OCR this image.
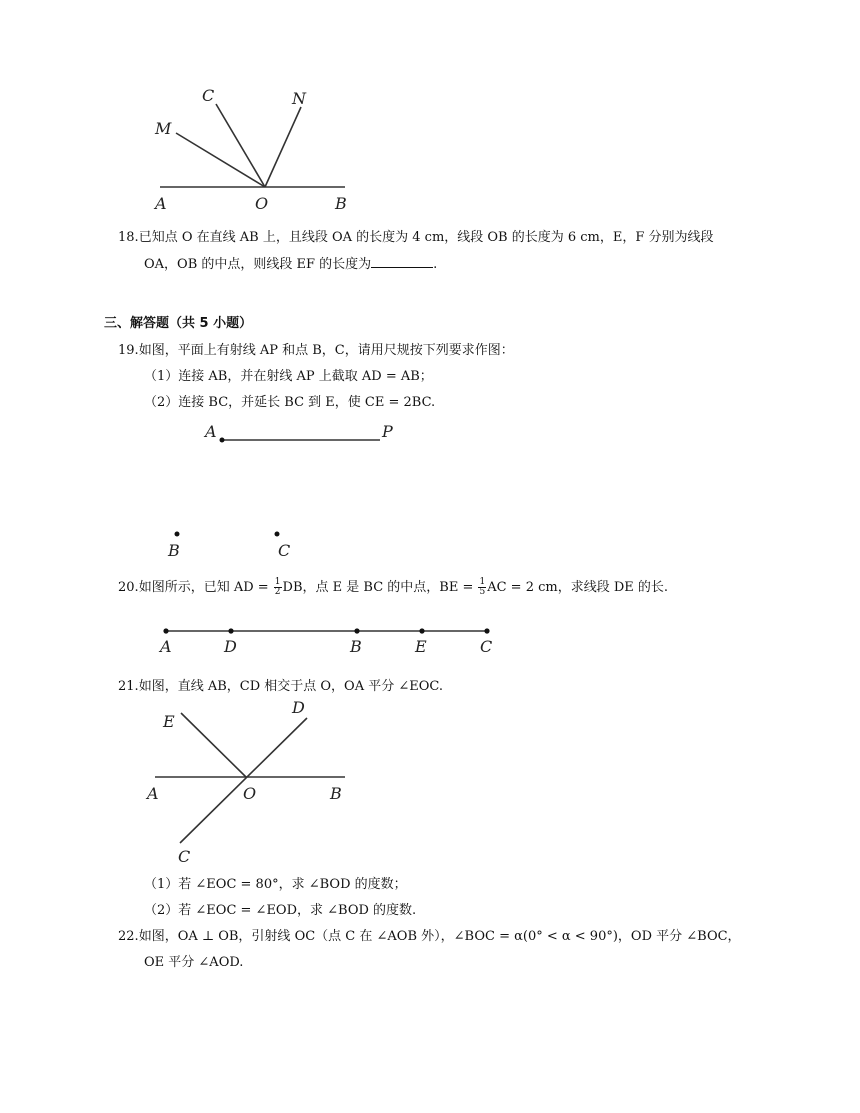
C	N
M
A	O	B
A	P
B	C
A	D	B	E	C
E
D
A	O	B
C
18.已知点 O 在直线 AB 上，且线段 OA 的长度为 4 cm，线段 OB 的长度为 6 cm，E，F 分别为线段
OA，OB 的中点，则线段 EF 的长度为	.
三、解答题（共 5 小题）
19.如图，平面上有射线 AP 和点 B，C，请用尺规按下列要求作图：
（1）连接 AB，并在射线 AP 上截取 AD = AB；
（2）连接 BC，并延长 BC 到 E，使 CE = 2BC.
20.如图所示，已知 AD = $\frac{1}{2}$ DB，点 E 是 BC 的中点，BE = $\frac{1}{5}$ AC = 2 cm，求线段 DE 的长.
21.如图，直线 AB，CD 相交于点 O，OA 平分 ∠EOC.
（1）若 ∠EOC = 80°，求 ∠BOD 的度数；
（2）若 ∠EOC = ∠EOD，求 ∠BOD 的度数.
22.如图，OA ⊥ OB，引射线 OC（点 C 在 ∠AOB 外），∠BOC = α(0° < α < 90°)，OD 平分 ∠BOC，
OE 平分 ∠AOD.
